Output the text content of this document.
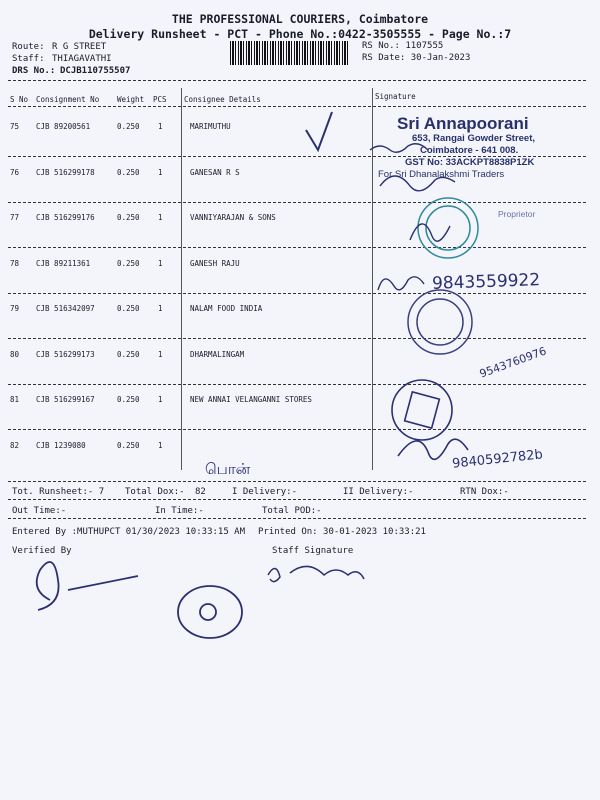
THE PROFESSIONAL COURIERS, Coimbatore
Delivery Runsheet - PCT - Phone No.:0422-3505555 - Page No.:7
Route: R G STREET
Staff: THIAGAVATHI
DRS No.: DCJB110755507
RS No.: 1107555
RS Date: 30-Jan-2023
S No Consignment No Weight PCS Consignee Details	Signature
75 CJB 89200561	0.250 1	MARIMUTHU
76 CJB 516299178	0.250 1	GANESAN R S
77 CJB 516299176	0.250 1	VANNIYARAJAN & SONS
78 CJB 89211361	0.250 1	GANESH RAJU
79 CJB 516342097	0.250 1	NALAM FOOD INDIA
80 CJB 516299173	0.250 1	DHARMALINGAM
81 CJB 516299167	0.250 1	NEW ANNAI VELANGANNI STORES
82 CJB 1239080	0.250 1
Sri Annapoorani
653, Rangai Gowder Street,
Coimbatore - 641 008.
GST No: 33ACKPT8838P1ZK
For Sri Dhanalakshmi Traders
Proprietor
9843559922
9543760976
9840592782b
பொன்
Tot. Runsheet:- 7 Total Dox:- 82	I Delivery:-	II Delivery:-	RTN Dox:-
Out Time:-	In Time:-	Total POD:-
Entered By :MUTHUPCT 01/30/2023 10:33:15 AM Printed On: 30-01-2023 10:33:21
Verified By	Staff Signature
